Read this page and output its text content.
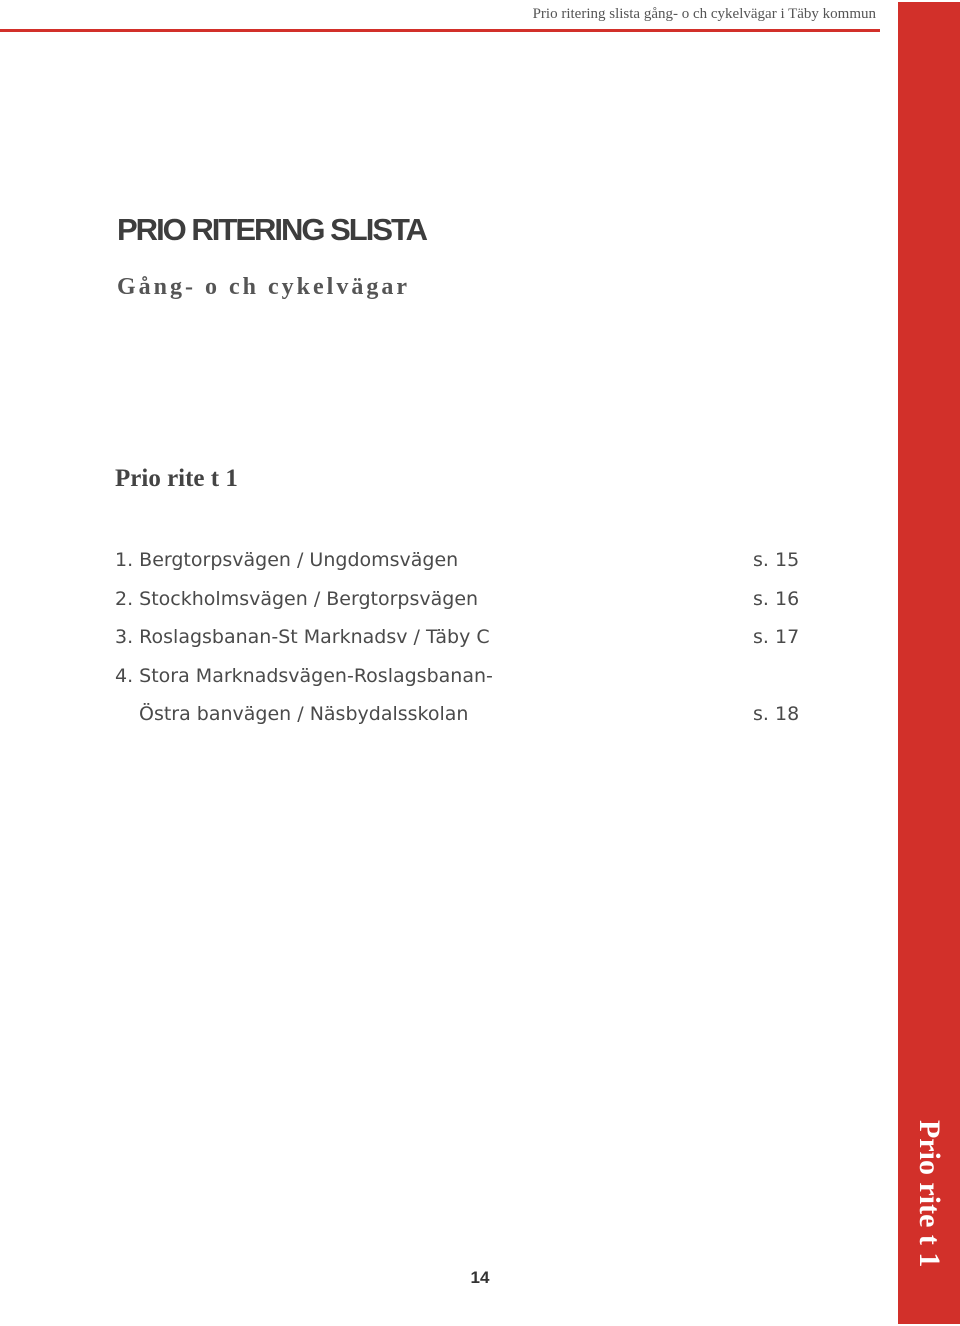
Prio ritering slista gång- o ch cykelvägar i Täby kommun
Prio rite t 1
PRIO RITERING SLISTA
Gång- o ch cykelvägar
Prio rite t 1
1. Bergtorpsvägen / Ungdomsvägen	s. 15
2. Stockholmsvägen / Bergtorpsvägen	s. 16
3. Roslagsbanan-St Marknadsv / Täby C	s. 17
4. Stora Marknadsvägen-Roslagsbanan-
Östra banvägen / Näsbydalsskolan	s. 18
14
